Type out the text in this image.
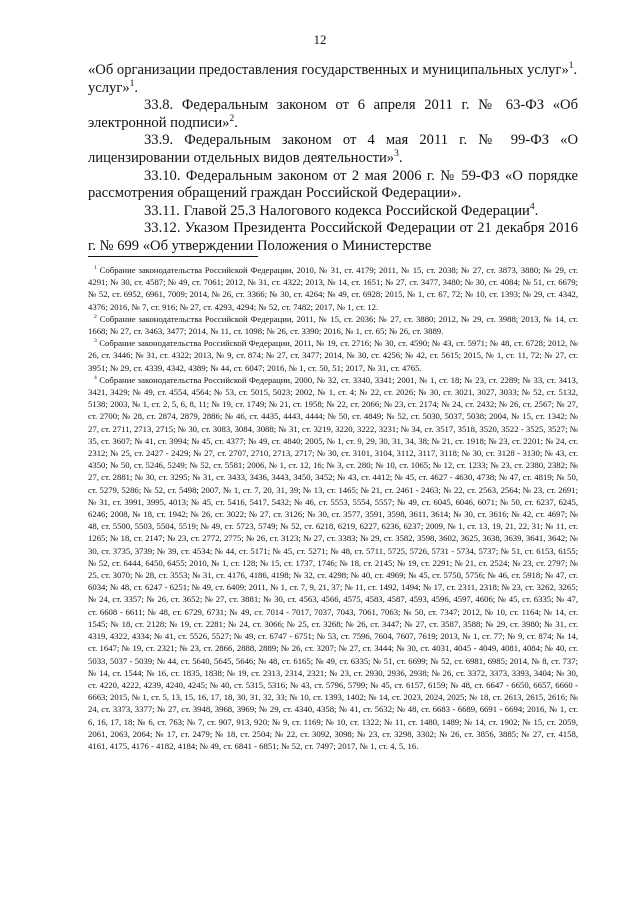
12

«Об организации предоставления государственных и муниципальных услуг»$^1$.
услуг»$^1$.

33.8. Федеральным законом от 6 апреля 2011 г. № 63-ФЗ «Об электронной подписи»$^2$.

33.9. Федеральным законом от 4 мая 2011 г. № 99-ФЗ «О лицензировании отдельных видов деятельности»$^3$.

33.10. Федеральным законом от 2 мая 2006 г. № 59-ФЗ «О порядке рассмотрения обращений граждан Российской Федерации».

33.11. Главой 25.3 Налогового кодекса Российской Федерации$^4$.

33.12. Указом Президента Российской Федерации от 21 декабря 2016 г. № 699 «Об утверждении Положения о Министерстве

$^1$ Собрание законодательства Российской Федерации, 2010, № 31, ст. 4179; 2011, № 15, ст. 2038; № 27, ст. 3873, 3880; № 29, ст. 4291; № 30, ст. 4587; № 49, ст. 7061; 2012, № 31, ст. 4322; 2013, № 14, ст. 1651; № 27, ст. 3477, 3480; № 30, ст. 4084; № 51, ст. 6679; № 52, ст. 6952, 6961, 7009; 2014, № 26, ст. 3366; № 30, ст. 4264; № 49, ст. 6928; 2015, № 1, ст. 67, 72; № 10, ст. 1393; № 29, ст. 4342, 4376; 2016, № 7, ст. 916; № 27, ст. 4293, 4294; № 52, ст. 7482; 2017, № 1, ст. 12.

$^2$ Собрание законодательства Российской Федерации, 2011, № 15, ст. 2036; № 27, ст. 3880; 2012, № 29, ст. 3988; 2013, № 14, ст. 1668; № 27, ст. 3463, 3477; 2014, № 11, ст. 1098; № 26, ст. 3390; 2016, № 1, ст. 65; № 26, ст. 3889.

$^3$ Собрание законодательства Российской Федерации, 2011, № 19, ст. 2716; № 30, ст. 4590; № 43, ст. 5971; № 48, ст. 6728; 2012, № 26, ст. 3446; № 31, ст. 4322; 2013, № 9, ст. 874; № 27, ст. 3477; 2014, № 30, ст. 4256; № 42, ст. 5615; 2015, № 1, ст. 11, 72; № 27, ст. 3951; № 29, ст. 4339, 4342, 4389; № 44, ст. 6047; 2016, № 1, ст. 50, 51; 2017, № 31, ст. 4765.

$^4$ Собрание законодательства Российской Федерации, 2000, № 32, ст. 3340, 3341; 2001, № 1, ст. 18; № 23, ст. 2289; № 33, ст. 3413, 3421, 3429; № 49, ст. 4554, 4564; № 53, ст. 5015, 5023; 2002, № 1, ст. 4; № 22, ст. 2026; № 30, ст. 3021, 3027, 3033; № 52, ст. 5132, 5138; 2003, № 1, ст. 2, 5, 6, 8, 11; № 19, ст. 1749; № 21, ст. 1958; № 22, ст. 2066; № 23, ст. 2174; № 24, ст. 2432; № 26, ст. 2567; № 27, ст. 2700; № 28, ст. 2874, 2879, 2886; № 46, ст. 4435, 4443, 4444; № 50, ст. 4849; № 52, ст. 5030, 5037, 5038; 2004, № 15, ст. 1342; № 27, ст. 2711, 2713, 2715; № 30, ст. 3083, 3084, 3088; № 31, ст. 3219, 3220, 3222, 3231; № 34, ст. 3517, 3518, 3520, 3522 - 3525, 3527; № 35, ст. 3607; № 41, ст. 3994; № 45, ст. 4377; № 49, ст. 4840; 2005, № 1, ст. 9, 29, 30, 31, 34, 38; № 21, ст. 1918; № 23, ст. 2201; № 24, ст. 2312; № 25, ст. 2427 - 2429; № 27, ст. 2707, 2710, 2713, 2717; № 30, ст. 3101, 3104, 3112, 3117, 3118; № 30, ст. 3128 - 3130; № 43, ст. 4350; № 50, ст. 5246, 5249; № 52, ст. 5581; 2006, № 1, ст. 12, 16; № 3, ст. 280; № 10, ст. 1065; № 12, ст. 1233; № 23, ст. 2380, 2382; № 27, ст. 2881; № 30, ст. 3295; № 31, ст. 3433, 3436, 3443, 3450, 3452; № 43, ст. 4412; № 45, ст. 4627 - 4630, 4738; № 47, ст. 4819; № 50, ст. 5279, 5286; № 52, ст. 5498; 2007, № 1, ст. 7, 20, 31, 39; № 13, ст. 1465; № 21, ст. 2461 - 2463; № 22, ст. 2563, 2564; № 23, ст. 2691; № 31, ст. 3991, 3995, 4013; № 45, ст. 5416, 5417, 5432; № 46, ст. 5553, 5554, 5557; № 49, ст. 6045, 6046, 6071; № 50, ст. 6237, 6245, 6246; 2008, № 18, ст. 1942; № 26, ст. 3022; № 27, ст. 3126; № 30, ст. 3577, 3591, 3598, 3611, 3614; № 30, ст. 3616; № 42, ст. 4697; № 48, ст. 5500, 5503, 5504, 5519; № 49, ст. 5723, 5749; № 52, ст. 6218, 6219, 6227, 6236, 6237; 2009, № 1, ст. 13, 19, 21, 22, 31; № 11, ст. 1265; № 18, ст. 2147; № 23, ст. 2772, 2775; № 26, ст. 3123; № 27, ст. 3383; № 29, ст. 3582, 3598, 3602, 3625, 3638, 3639, 3641, 3642; № 30, ст. 3735, 3739; № 39, ст. 4534; № 44, ст. 5171; № 45, ст. 5271; № 48, ст. 5711, 5725, 5726, 5731 - 5734, 5737; № 51, ст. 6153, 6155; № 52, ст. 6444, 6450, 6455; 2010, № 1, ст. 128; № 15, ст. 1737, 1746; № 18, ст. 2145; № 19, ст. 2291; № 21, ст. 2524; № 23, ст. 2797; № 25, ст. 3070; № 28, ст. 3553; № 31, ст. 4176, 4186, 4198; № 32, ст. 4298; № 40, ст. 4969; № 45, ст. 5750, 5756; № 46, ст. 5918; № 47, ст. 6034; № 48, ст. 6247 - 6251; № 49, ст. 6409; 2011, № 1, ст. 7, 9, 21, 37; № 11, ст. 1492, 1494; № 17, ст. 2311, 2318; № 23, ст. 3262, 3265; № 24, ст. 3357; № 26, ст. 3652; № 27, ст. 3881; № 30, ст. 4563, 4566, 4575, 4583, 4587, 4593, 4596, 4597, 4606; № 45, ст. 6335; № 47, ст. 6608 - 6611; № 48, ст. 6729, 6731; № 49, ст. 7014 - 7017, 7037, 7043, 7061, 7063; № 50, ст. 7347; 2012, № 10, ст. 1164; № 14, ст. 1545; № 18, ст. 2128; № 19, ст. 2281; № 24, ст. 3066; № 25, ст. 3268; № 26, ст. 3447; № 27, ст. 3587, 3588; № 29, ст. 3980; № 31, ст. 4319, 4322, 4334; № 41, ст. 5526, 5527; № 49, ст. 6747 - 6751; № 53, ст. 7596, 7604, 7607, 7619; 2013, № 1, ст. 77; № 9, ст. 874; № 14, ст. 1647; № 19, ст. 2321; № 23, ст. 2866, 2888, 2889; № 26, ст. 3207; № 27, ст. 3444; № 30, ст. 4031, 4045 - 4049, 4081, 4084; № 40, ст. 5033, 5037 - 5039; № 44, ст. 5640, 5645, 5646; № 48, ст. 6165; № 49, ст. 6335; № 51, ст. 6699; № 52, ст. 6981, 6985; 2014, № 8, ст. 737; № 14, ст. 1544; № 16, ст. 1835, 1838; № 19, ст. 2313, 2314, 2321; № 23, ст. 2930, 2936, 2938; № 26, ст. 3372, 3373, 3393, 3404; № 30, ст. 4220, 4222, 4239, 4240, 4245; № 40, ст. 5315, 5316; № 43, ст. 5796, 5799; № 45, ст. 6157, 6159; № 48, ст. 6647 - 6650, 6657, 6660 - 6663; 2015, № 1, ст. 5, 13, 15, 16, 17, 18, 30, 31, 32, 33; № 10, ст. 1393, 1402; № 14, ст. 2023, 2024, 2025; № 18, ст. 2613, 2615, 2616; № 24, ст. 3373, 3377; № 27, ст. 3948, 3968, 3969; № 29, ст. 4340, 4358; № 41, ст. 5632; № 48, ст. 6683 - 6689, 6691 - 6694; 2016, № 1, ст. 6, 16, 17, 18; № 6, ст. 763; № 7, ст. 907, 913, 920; № 9, ст. 1169; № 10, ст. 1322; № 11, ст. 1480, 1489; № 14, ст. 1902; № 15, ст. 2059, 2061, 2063, 2064; № 17, ст. 2479; № 18, ст. 2504; № 22, ст. 3092, 3098; № 23, ст. 3298, 3302; № 26, ст. 3856, 3885; № 27, ст. 4158, 4161, 4175, 4176 - 4182, 4184; № 49, ст. 6841 - 6851; № 52, ст. 7497; 2017, № 1, ст. 4, 5, 16.
